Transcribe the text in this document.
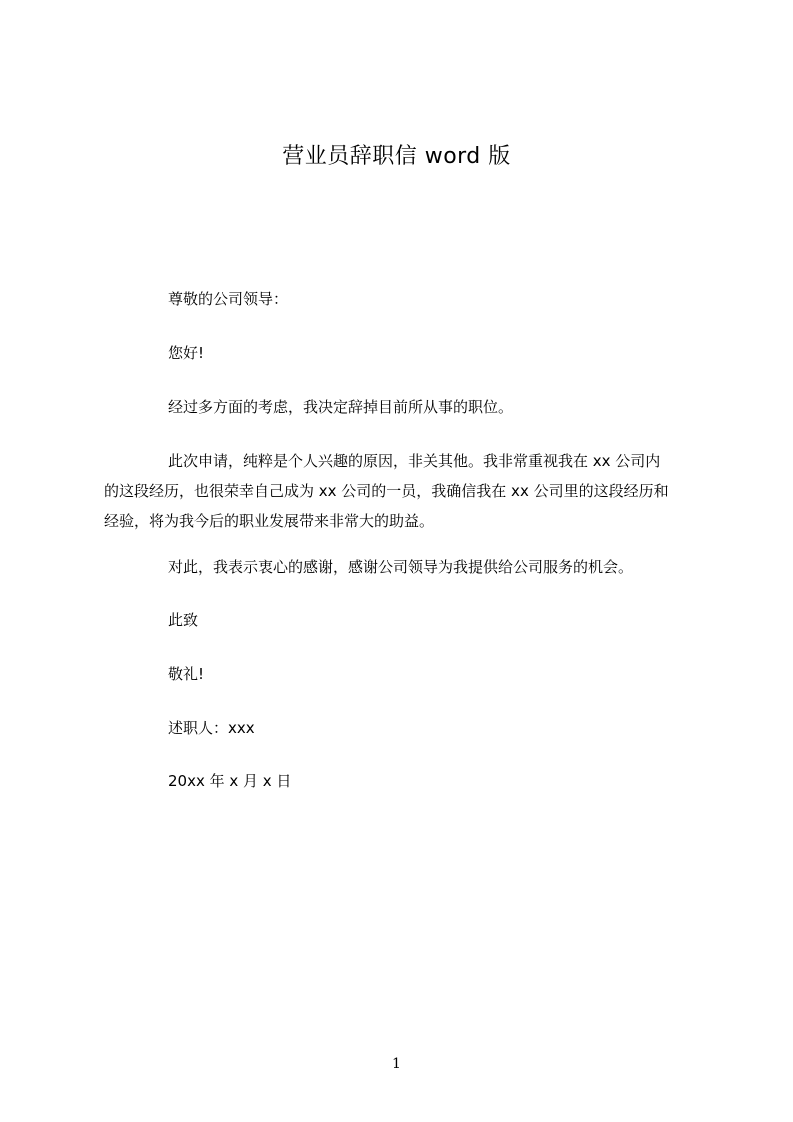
营业员辞职信 word 版
尊敬的公司领导：
您好!
经过多方面的考虑，我决定辞掉目前所从事的职位。
此次申请，纯粹是个人兴趣的原因，非关其他。我非常重视我在 xx 公司内
的这段经历，也很荣幸自己成为 xx 公司的一员，我确信我在 xx 公司里的这段经历和
经验，将为我今后的职业发展带来非常大的助益。
对此，我表示衷心的感谢，感谢公司领导为我提供给公司服务的机会。
此致
敬礼!
述职人：xxx
20xx 年 x 月 x 日
1
